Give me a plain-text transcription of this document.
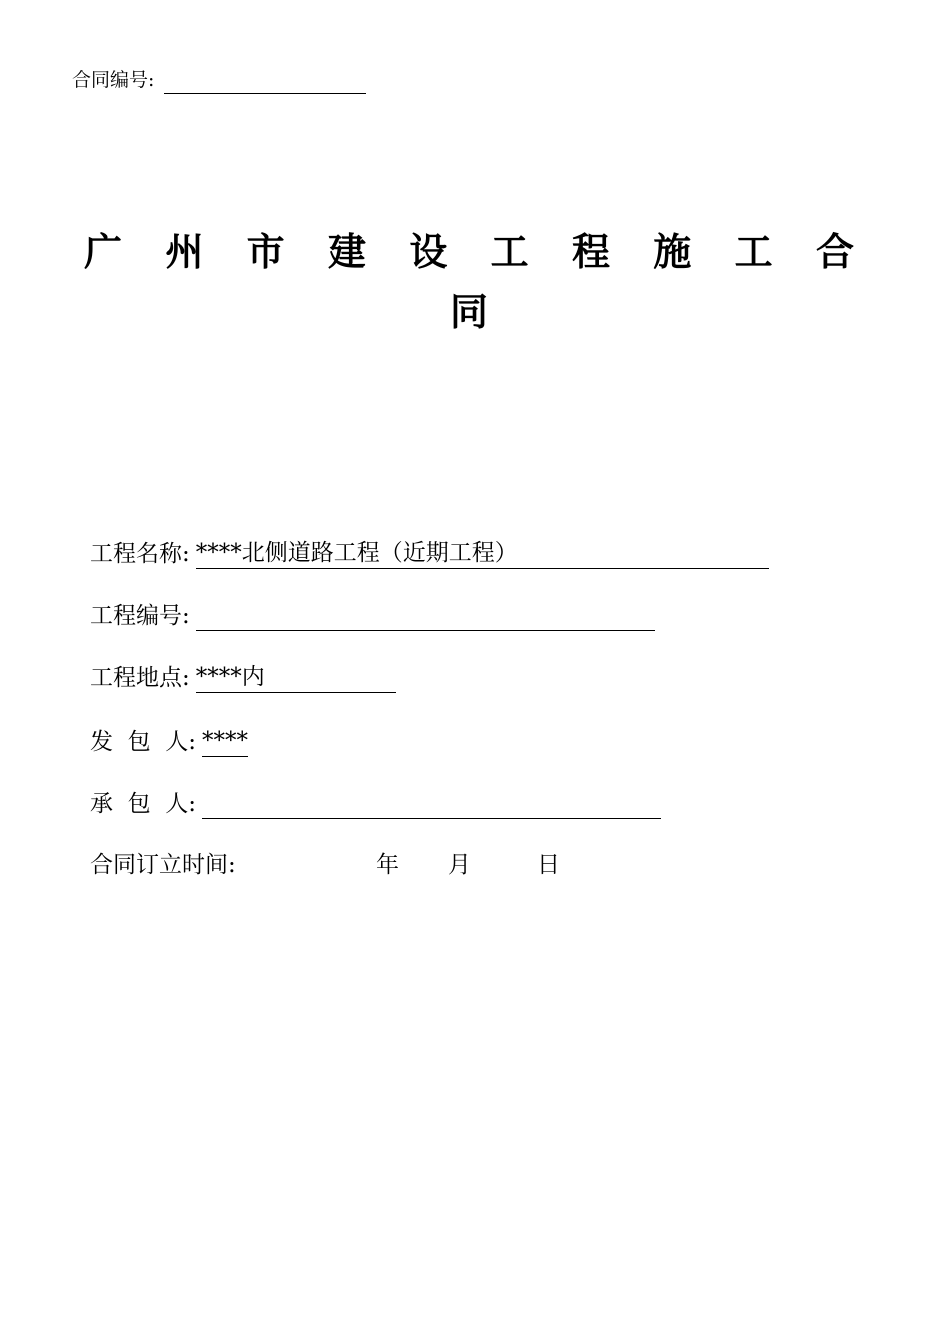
合同编号:
广 州 市 建 设 工 程 施 工 合
同
工程名称: ****北侧道路工程（近期工程）
工程编号:
工程地点: ****内
发  包  人: ****
承  包  人:
合同订立时间:	年 月	日
